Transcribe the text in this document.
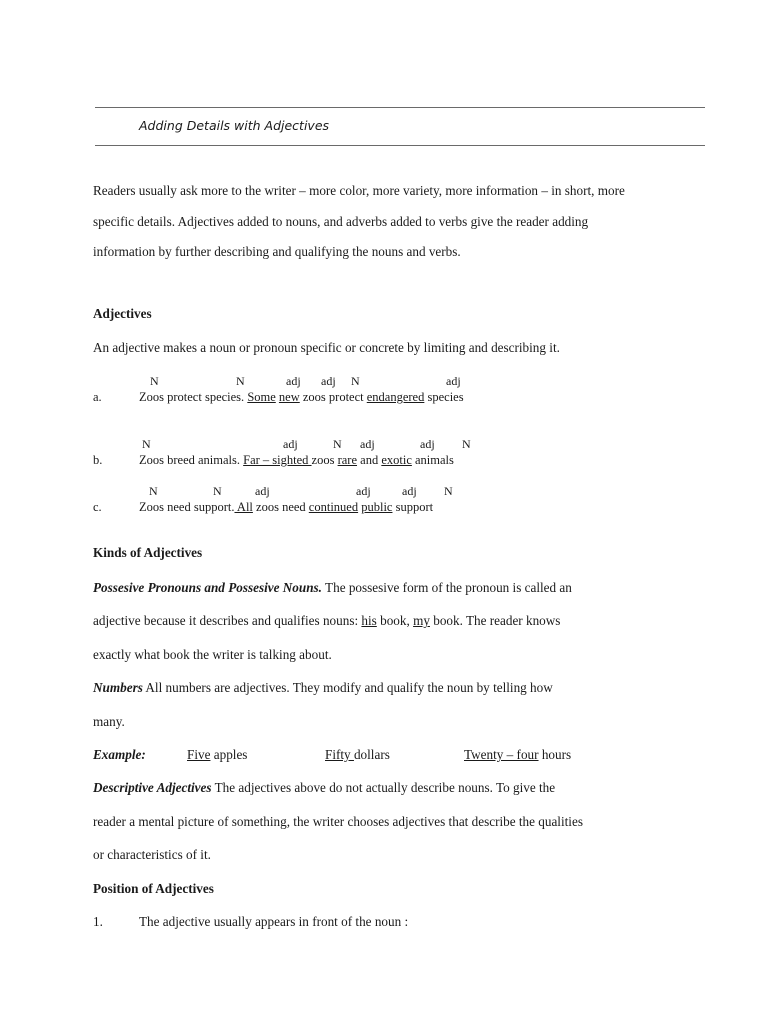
Adding Details with Adjectives
Readers usually ask more to the writer – more color, more variety, more information – in short, more
specific details. Adjectives added to nouns, and adverbs added to verbs give the reader adding
information by further describing and qualifying the nouns and verbs.
Adjectives
An adjective makes a noun or pronoun specific or concrete by limiting and describing it.
N	N	adj adj N	adj
a.	Zoos protect species. Some new zoos protect endangered species
N	adj	N adj	adj N
b.	Zoos breed animals. Far – sighted zoos rare and exotic animals
N	N	adj	adj	adj N
c.	Zoos need support. All zoos need continued public support
Kinds of Adjectives
Possesive Pronouns and Possesive Nouns. The possesive form of the pronoun is called an
adjective because it describes and qualifies nouns: his book, my book. The reader knows
exactly what book the writer is talking about.
Numbers All numbers are adjectives. They modify and qualify the noun by telling how
many.
Example:	Five apples	Fifty dollars	Twenty – four hours
Descriptive Adjectives The adjectives above do not actually describe nouns. To give the
reader a mental picture of something, the writer chooses adjectives that describe the qualities
or characteristics of it.
Position of Adjectives
1.	The adjective usually appears in front of the noun :
